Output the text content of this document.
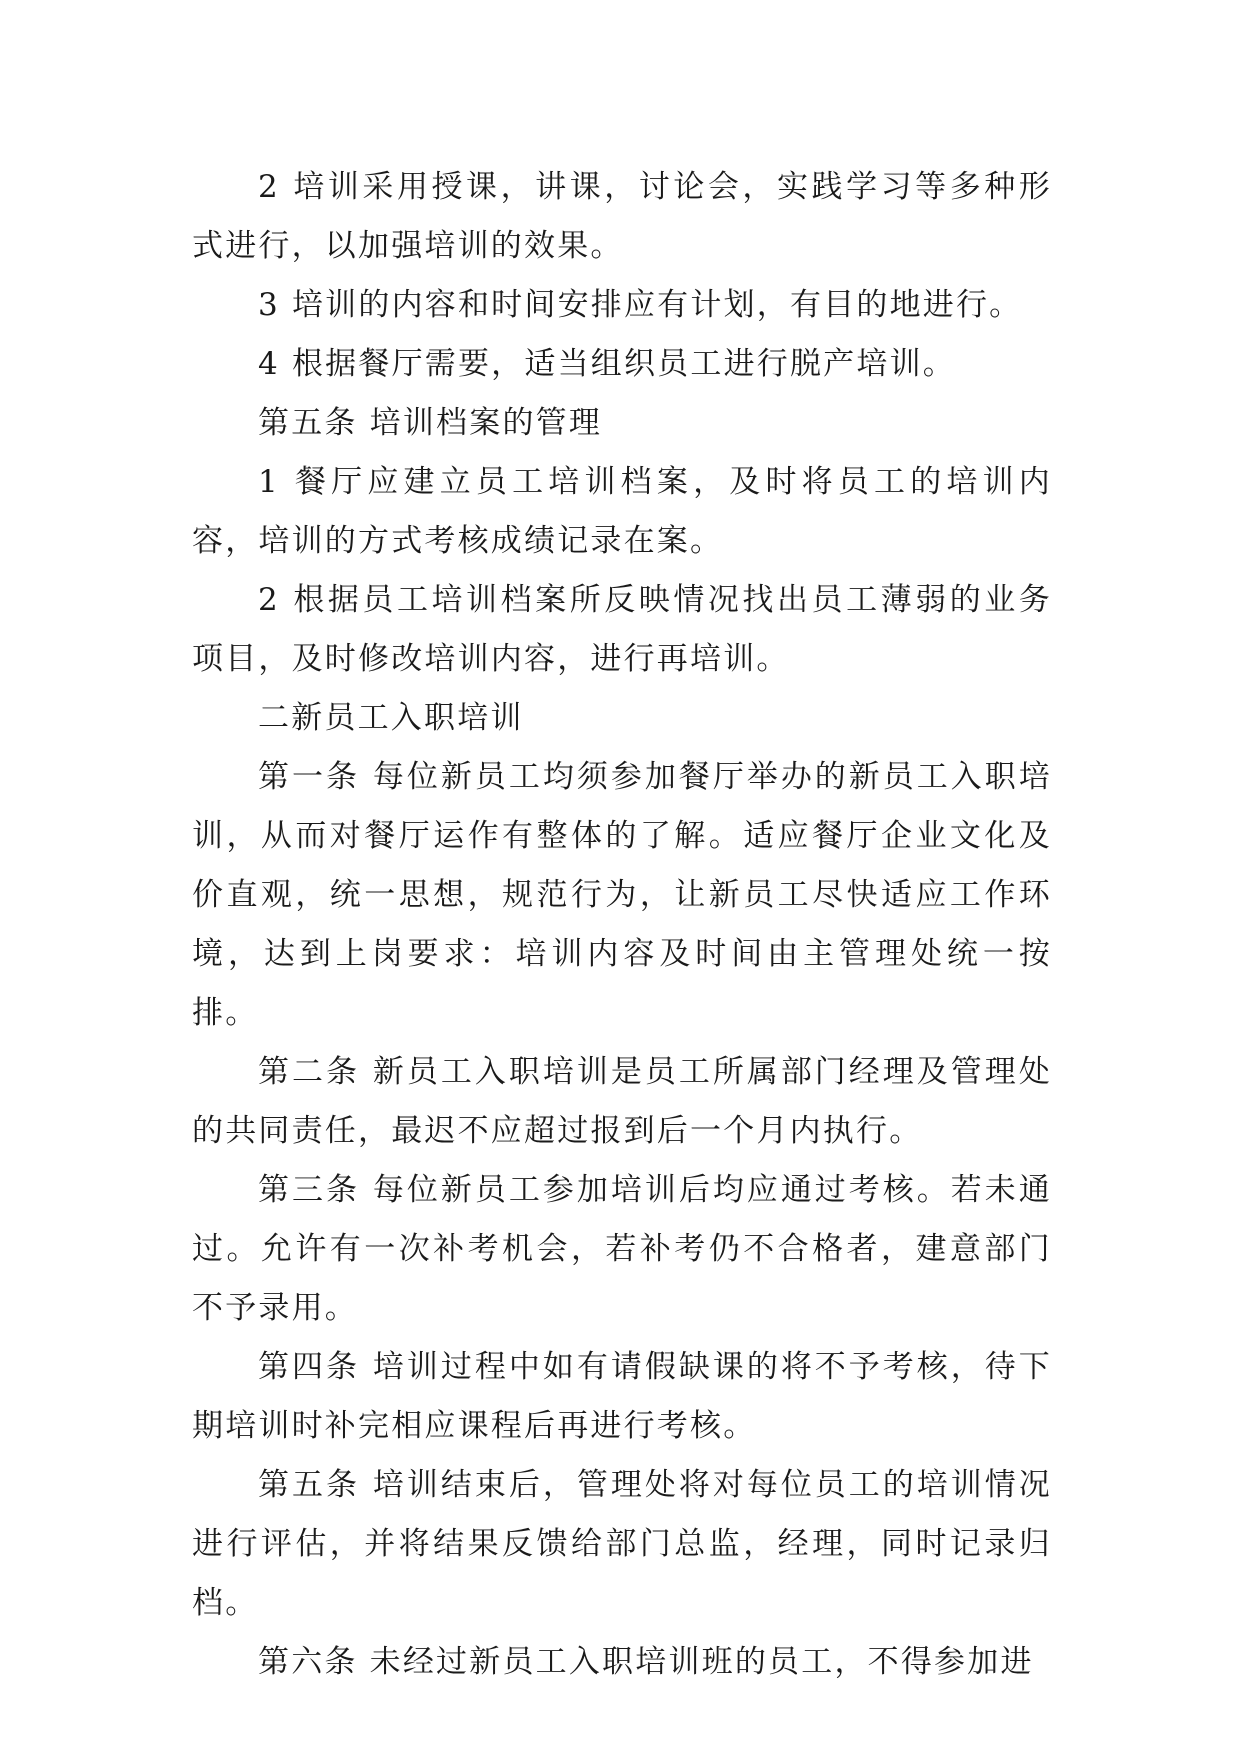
2 培训采用授课，讲课，讨论会，实践学习等多种形式进行，以加强培训的效果。

3 培训的内容和时间安排应有计划，有目的地进行。

4 根据餐厅需要，适当组织员工进行脱产培训。

第五条 培训档案的管理

1 餐厅应建立员工培训档案，及时将员工的培训内容，培训的方式考核成绩记录在案。

2 根据员工培训档案所反映情况找出员工薄弱的业务项目，及时修改培训内容，进行再培训。

二新员工入职培训

第一条 每位新员工均须参加餐厅举办的新员工入职培训，从而对餐厅运作有整体的了解。适应餐厅企业文化及价直观，统一思想，规范行为，让新员工尽快适应工作环境，达到上岗要求：培训内容及时间由主管理处统一按排。

第二条 新员工入职培训是员工所属部门经理及管理处的共同责任，最迟不应超过报到后一个月内执行。

第三条 每位新员工参加培训后均应通过考核。若未通过。允许有一次补考机会，若补考仍不合格者，建意部门不予录用。

第四条 培训过程中如有请假缺课的将不予考核，待下期培训时补完相应课程后再进行考核。

第五条 培训结束后，管理处将对每位员工的培训情况进行评估，并将结果反馈给部门总监，经理，同时记录归档。

第六条 未经过新员工入职培训班的员工，不得参加进
